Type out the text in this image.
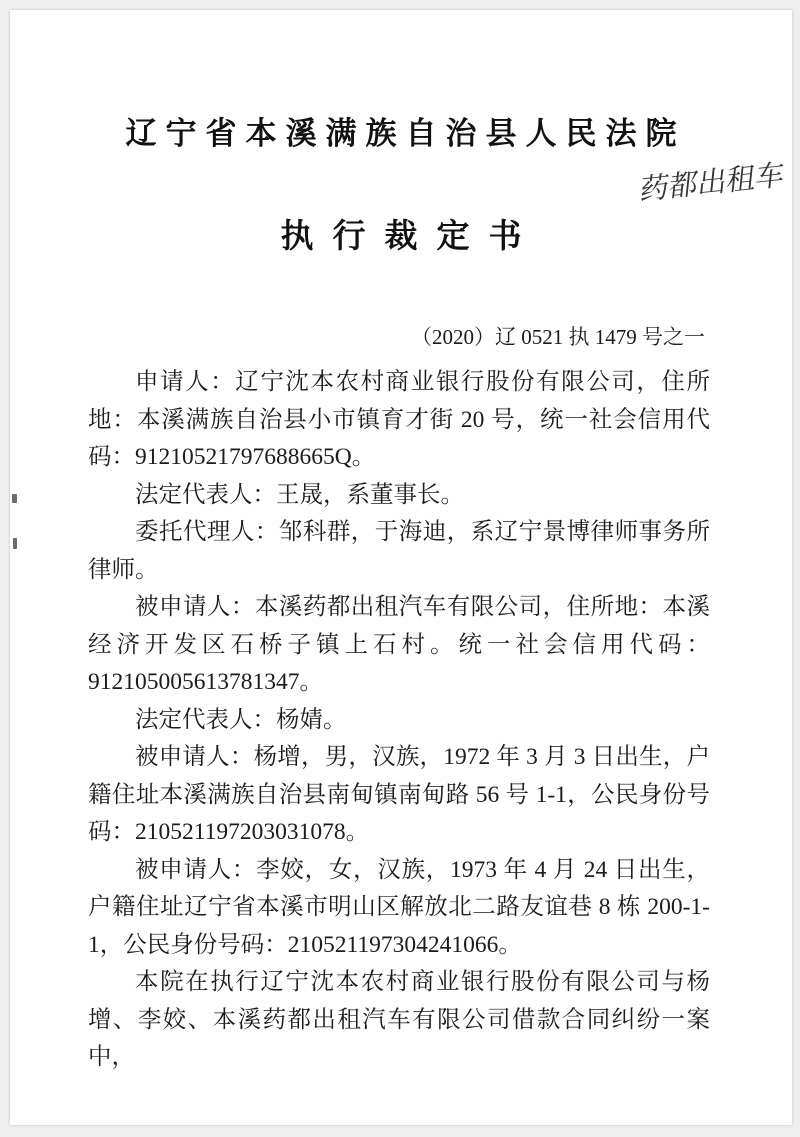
辽宁省本溪满族自治县人民法院
药都出租车
执行裁定书
（2020）辽 0521 执 1479 号之一

申请人：辽宁沈本农村商业银行股份有限公司，住所地：本溪满族自治县小市镇育才街 20 号，统一社会信用代码：91210521797688665Q。

法定代表人：王晟，系董事长。

委托代理人：邹科群，于海迪，系辽宁景博律师事务所律师。

被申请人：本溪药都出租汽车有限公司，住所地：本溪经济开发区石桥子镇上石村。统一社会信用代码：912105005613781347。

法定代表人：杨婧。

被申请人：杨增，男，汉族，1972 年 3 月 3 日出生，户籍住址本溪满族自治县南甸镇南甸路 56 号 1-1，公民身份号码：210521197203031078。

被申请人：李姣，女，汉族，1973 年 4 月 24 日出生，户籍住址辽宁省本溪市明山区解放北二路友谊巷 8 栋 200-1-1，公民身份号码：210521197304241066。

本院在执行辽宁沈本农村商业银行股份有限公司与杨增、李姣、本溪药都出租汽车有限公司借款合同纠纷一案中，
